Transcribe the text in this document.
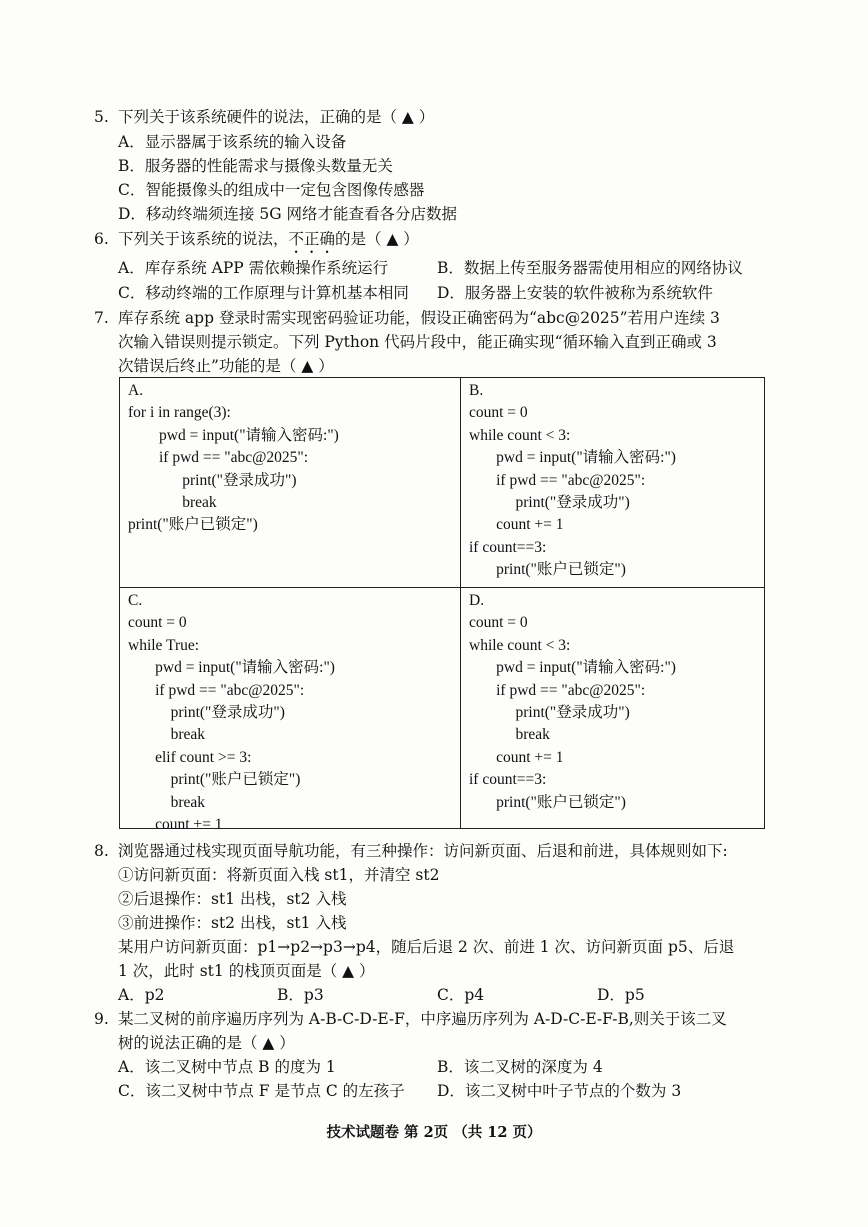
5. 下列关于该系统硬件的说法，正确的是（ ▲ ）
A．显示器属于该系统的输入设备
B．服务器的性能需求与摄像头数量无关
C．智能摄像头的组成中一定包含图像传感器
D．移动终端须连接 5G 网络才能查看各分店数据
6. 下列关于该系统的说法，不正确的是（ ▲ ）
A．库存系统 APP 需依赖操作系统运行	B．数据上传至服务器需使用相应的网络协议
C．移动终端的工作原理与计算机基本相同 D．服务器上安装的软件被称为系统软件
7. 库存系统 app 登录时需实现密码验证功能，假设正确密码为“abc@2025”若用户连续 3
次输入错误则提示锁定。下列 Python 代码片段中，能正确实现“循环输入直到正确或 3
次错误后终止”功能的是（ ▲ ）
A.
for i in range(3):
pwd = input("请输入密码:")
if pwd == "abc@2025":
print("登录成功")
break
print("账户已锁定")
B.
count = 0
while count < 3:
pwd = input("请输入密码:")
if pwd == "abc@2025":
print("登录成功")
count += 1
if count==3:
print("账户已锁定")
C.
count = 0
while True:
pwd = input("请输入密码:")
if pwd == "abc@2025":
print("登录成功")
break
elif count >= 3:
print("账户已锁定")
break
count += 1
D.
count = 0
while count < 3:
pwd = input("请输入密码:")
if pwd == "abc@2025":
print("登录成功")
break
count += 1
if count==3:
print("账户已锁定")
8. 浏览器通过栈实现页面导航功能，有三种操作：访问新页面、后退和前进，具体规则如下:
①访问新页面：将新页面入栈 st1，并清空 st2
②后退操作：st1 出栈，st2 入栈
③前进操作：st2 出栈，st1 入栈
某用户访问新页面：p1→p2→p3→p4，随后后退 2 次、前进 1 次、访问新页面 p5、后退
1 次，此时 st1 的栈顶页面是（ ▲ ）
A．p2	B．p3	C．p4	D．p5
9. 某二叉树的前序遍历序列为 A-B-C-D-E-F，中序遍历序列为 A-D-C-E-F-B,则关于该二叉
树的说法正确的是（ ▲ ）
A．该二叉树中节点 B 的度为 1	B．该二叉树的深度为 4
C．该二叉树中节点 F 是节点 C 的左孩子 D．该二叉树中叶子节点的个数为 3
技术试题卷 第 2页 （共 12 页）
